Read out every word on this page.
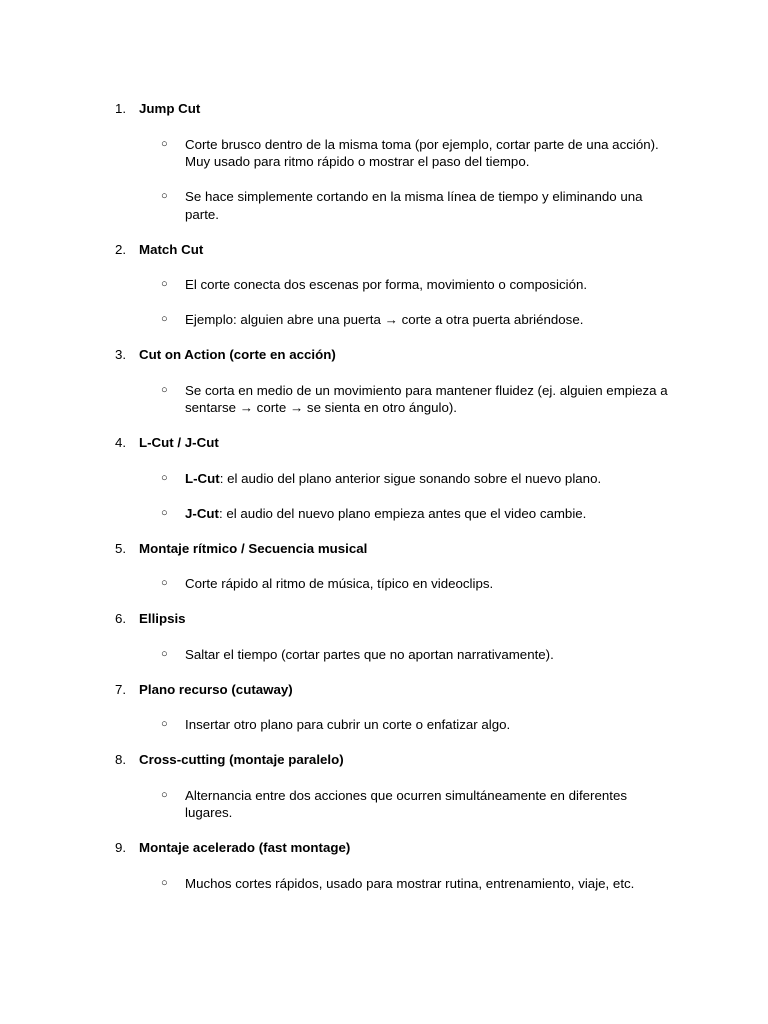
1. Jump Cut
○ Corte brusco dentro de la misma toma (por ejemplo, cortar parte de una acción). Muy usado para ritmo rápido o mostrar el paso del tiempo.
○ Se hace simplemente cortando en la misma línea de tiempo y eliminando una parte.
2. Match Cut
○ El corte conecta dos escenas por forma, movimiento o composición.
○ Ejemplo: alguien abre una puerta → corte a otra puerta abriéndose.
3. Cut on Action (corte en acción)
○ Se corta en medio de un movimiento para mantener fluidez (ej. alguien empieza a sentarse → corte → se sienta en otro ángulo).
4. L-Cut / J-Cut
○ L-Cut: el audio del plano anterior sigue sonando sobre el nuevo plano.
○ J-Cut: el audio del nuevo plano empieza antes que el video cambie.
5. Montaje rítmico / Secuencia musical
○ Corte rápido al ritmo de música, típico en videoclips.
6. Ellipsis
○ Saltar el tiempo (cortar partes que no aportan narrativamente).
7. Plano recurso (cutaway)
○ Insertar otro plano para cubrir un corte o enfatizar algo.
8. Cross-cutting (montaje paralelo)
○ Alternancia entre dos acciones que ocurren simultáneamente en diferentes lugares.
9. Montaje acelerado (fast montage)
○ Muchos cortes rápidos, usado para mostrar rutina, entrenamiento, viaje, etc.
